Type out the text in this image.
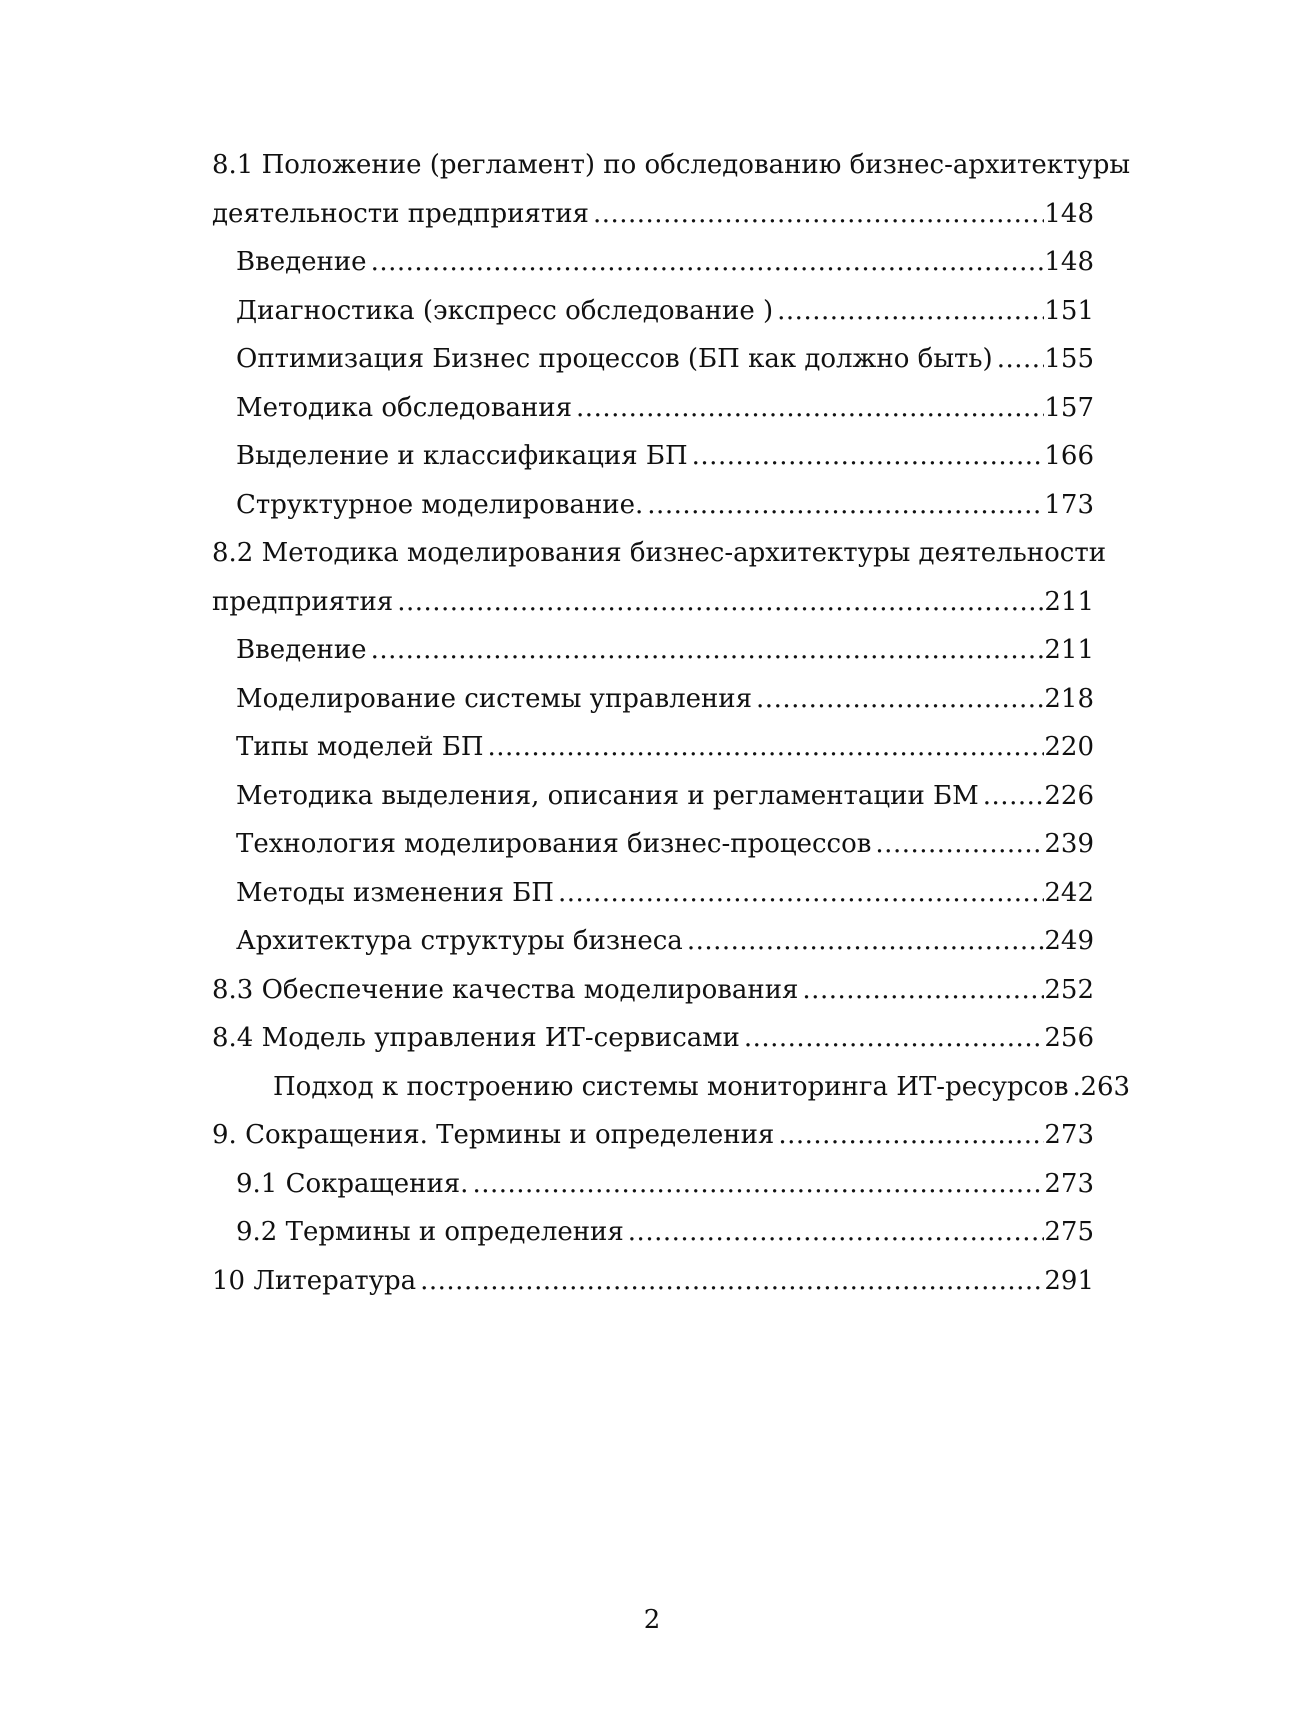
8.1 Положение (регламент) по обследованию бизнес-архитектуры
деятельности предприятия .....	148
Введение .....	148
Диагностика (экспресс обследование ) .....	151
Оптимизация Бизнес процессов (БП как должно быть) ..... 155
Методика обследования .....	157
Выделение и классификация БП .....	166
Структурное моделирование. .....	173
8.2 Методика моделирования бизнес-архитектуры деятельности
предприятия .....	211
Введение .....	211
Моделирование системы управления .....	218
Типы моделей БП .....	220
Методика выделения, описания и регламентации БМ .....	226
Технология моделирования бизнес-процессов .....	239
Методы изменения БП .....	242
Архитектура структуры бизнеса .....	249
8.3 Обеспечение качества моделирования .....	252
8.4 Модель управления ИТ-сервисами .....	256
Подход к построению системы мониторинга ИТ-ресурсов ..... 263
9. Сокращения. Термины и определения .....	273
9.1 Сокращения. .....	273
9.2 Термины и определения .....	275
10 Литература .....	291
2
